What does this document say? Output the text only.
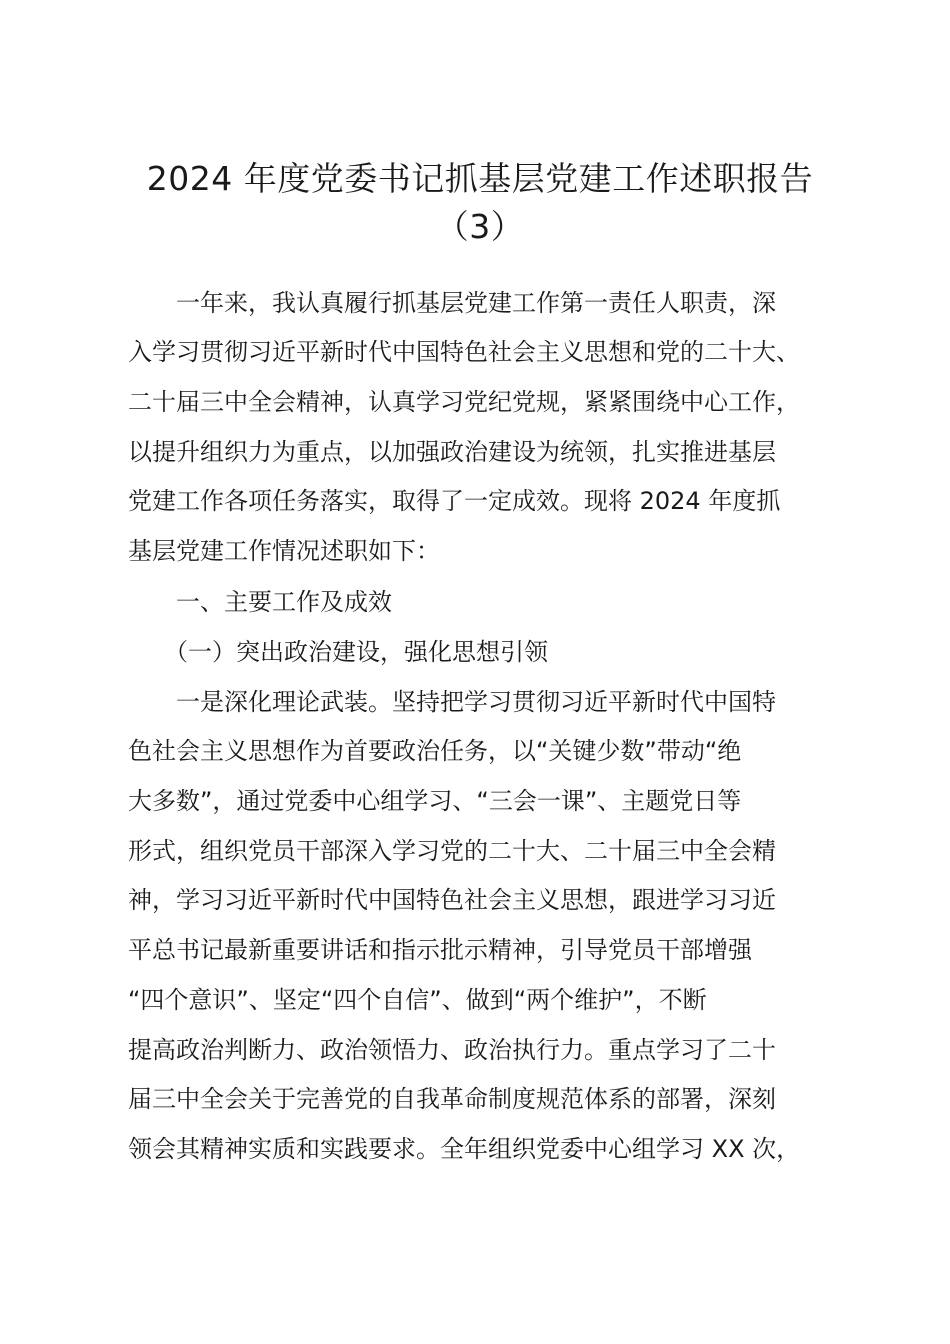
2024 年度党委书记抓基层党建工作述职报告
（3）

　　一年来，我认真履行抓基层党建工作第一责任人职责，深

入学习贯彻习近平新时代中国特色社会主义思想和党的二十大、

二十届三中全会精神，认真学习党纪党规，紧紧围绕中心工作，

以提升组织力为重点，以加强政治建设为统领，扎实推进基层

党建工作各项任务落实，取得了一定成效。现将 2024 年度抓

基层党建工作情况述职如下：

　　一、主要工作及成效

　　（一）突出政治建设，强化思想引领

　　一是深化理论武装。坚持把学习贯彻习近平新时代中国特

色社会主义思想作为首要政治任务，以“关键少数”带动“绝

大多数”，通过党委中心组学习、“三会一课”、主题党日等

形式，组织党员干部深入学习党的二十大、二十届三中全会精

神，学习习近平新时代中国特色社会主义思想，跟进学习习近

平总书记最新重要讲话和指示批示精神，引导党员干部增强

“四个意识”、坚定“四个自信”、做到“两个维护”，不断

提高政治判断力、政治领悟力、政治执行力。重点学习了二十

届三中全会关于完善党的自我革命制度规范体系的部署，深刻

领会其精神实质和实践要求。全年组织党委中心组学习 XX 次，
